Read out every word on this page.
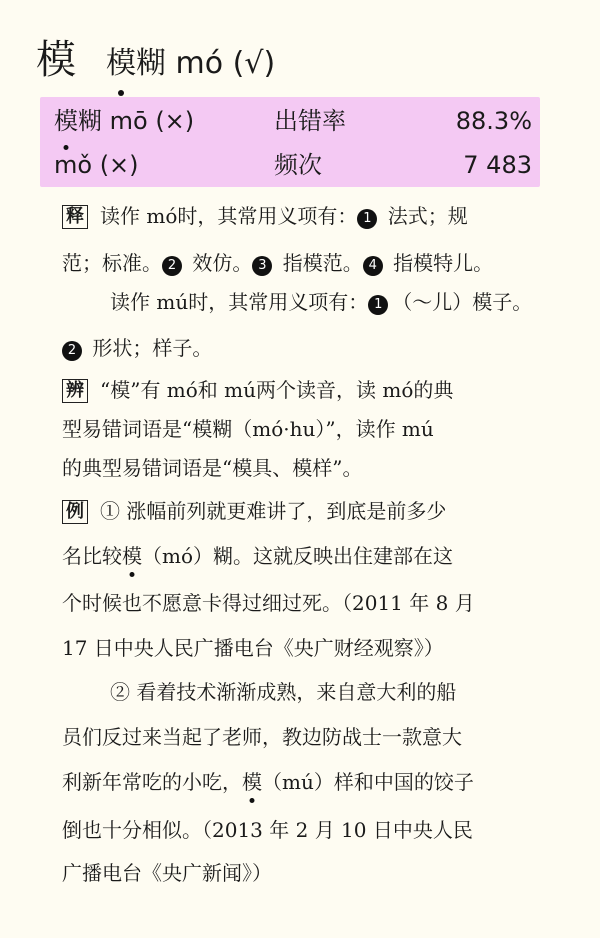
模 模糊 mó (√)
模糊 mō (×)	出错率	88.3%
mǒ (×)	频次	7 483
释 读作 mó时，其常用义项有： 1 法式；规
范；标准。 2 效仿。 3 指模范。 4 指模特儿。
读作 mú时，其常用义项有： 1 （～儿）模子。
2 形状；样子。
辨 “模”有 mó和 mú两个读音，读 mó的典
型易错词语是“模糊（mó·hu）”，读作 mú
的典型易错词语是“模具、模样”。
例 ① 涨幅前列就更难讲了，到底是前多少
名比较模（mó）糊。这就反映出住建部在这
个时候也不愿意卡得过细过死。（2011 年 8 月
17 日中央人民广播电台《央广财经观察》）
② 看着技术渐渐成熟，来自意大利的船
员们反过来当起了老师，教边防战士一款意大
利新年常吃的小吃，模（mú）样和中国的饺子
倒也十分相似。（2013 年 2 月 10 日中央人民
广播电台《央广新闻》）
